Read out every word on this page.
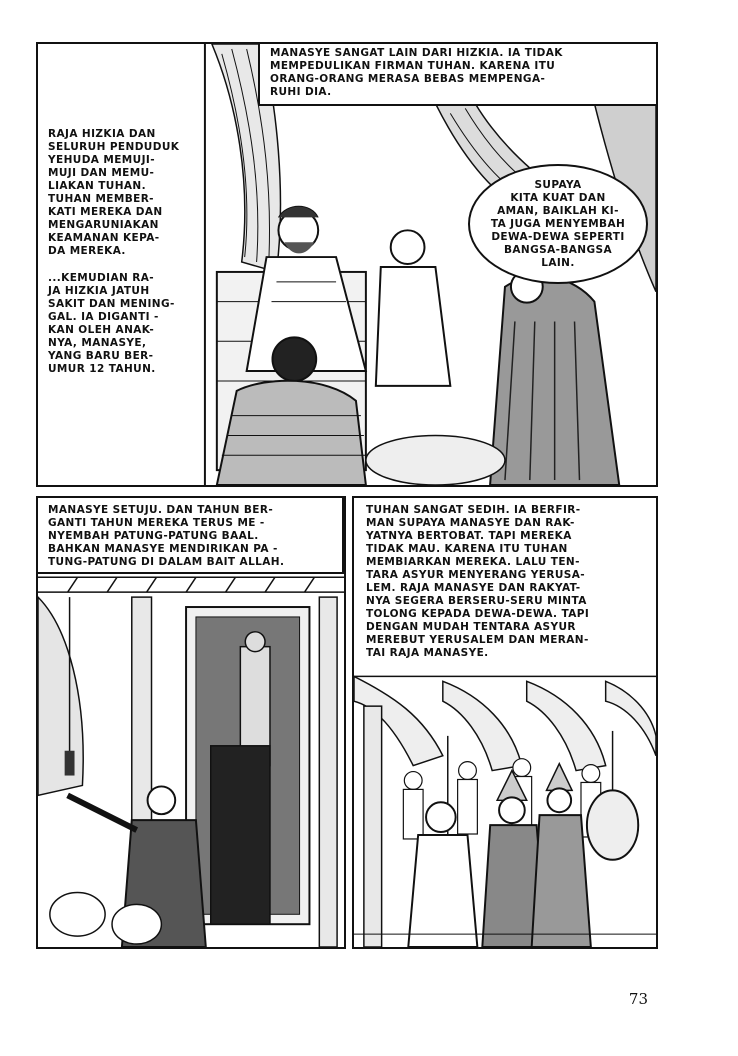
MANASYE SANGAT LAIN DARI HIZKIA. IA TIDAK
MEMPEDULIKAN FIRMAN TUHAN. KARENA ITU
ORANG-ORANG MERASA BEBAS MEMPENGA-
RUHI DIA.
RAJA HIZKIA DAN
SELURUH PENDUDUK
YEHUDA MEMUJI-
MUJI DAN MEMU-
LIAKAN TUHAN.
TUHAN MEMBER-
KATI MEREKA DAN
MENGARUNIAKAN
KEAMANAN KEPA-
DA MEREKA.
...KEMUDIAN RA-
JA HIZKIA JATUH
SAKIT DAN MENING-
GAL. IA DIGANTI -
KAN OLEH ANAK-
NYA, MANASYE,
YANG BARU BER-
UMUR 12 TAHUN.
SUPAYA
KITA KUAT DAN
AMAN, BAIKLAH KI-
TA JUGA MENYEMBAH
DEWA-DEWA SEPERTI
BANGSA-BANGSA
LAIN.
MANASYE SETUJU. DAN TAHUN BER-
GANTI TAHUN MEREKA TERUS ME -
NYEMBAH PATUNG-PATUNG BAAL.
BAHKAN MANASYE MENDIRIKAN PA -
TUNG-PATUNG DI DALAM BAIT ALLAH.
TUHAN SANGAT SEDIH. IA BERFIR-
MAN SUPAYA MANASYE DAN RAK-
YATNYA BERTOBAT. TAPI MEREKA
TIDAK MAU. KARENA ITU TUHAN
MEMBIARKAN MEREKA. LALU TEN-
TARA ASYUR MENYERANG YERUSA-
LEM. RAJA MANASYE DAN RAKYAT-
NYA SEGERA BERSERU-SERU MINTA
TOLONG KEPADA DEWA-DEWA. TAPI
DENGAN MUDAH TENTARA ASYUR
MEREBUT YERUSALEM DAN MERAN-
TAI RAJA MANASYE.
73
